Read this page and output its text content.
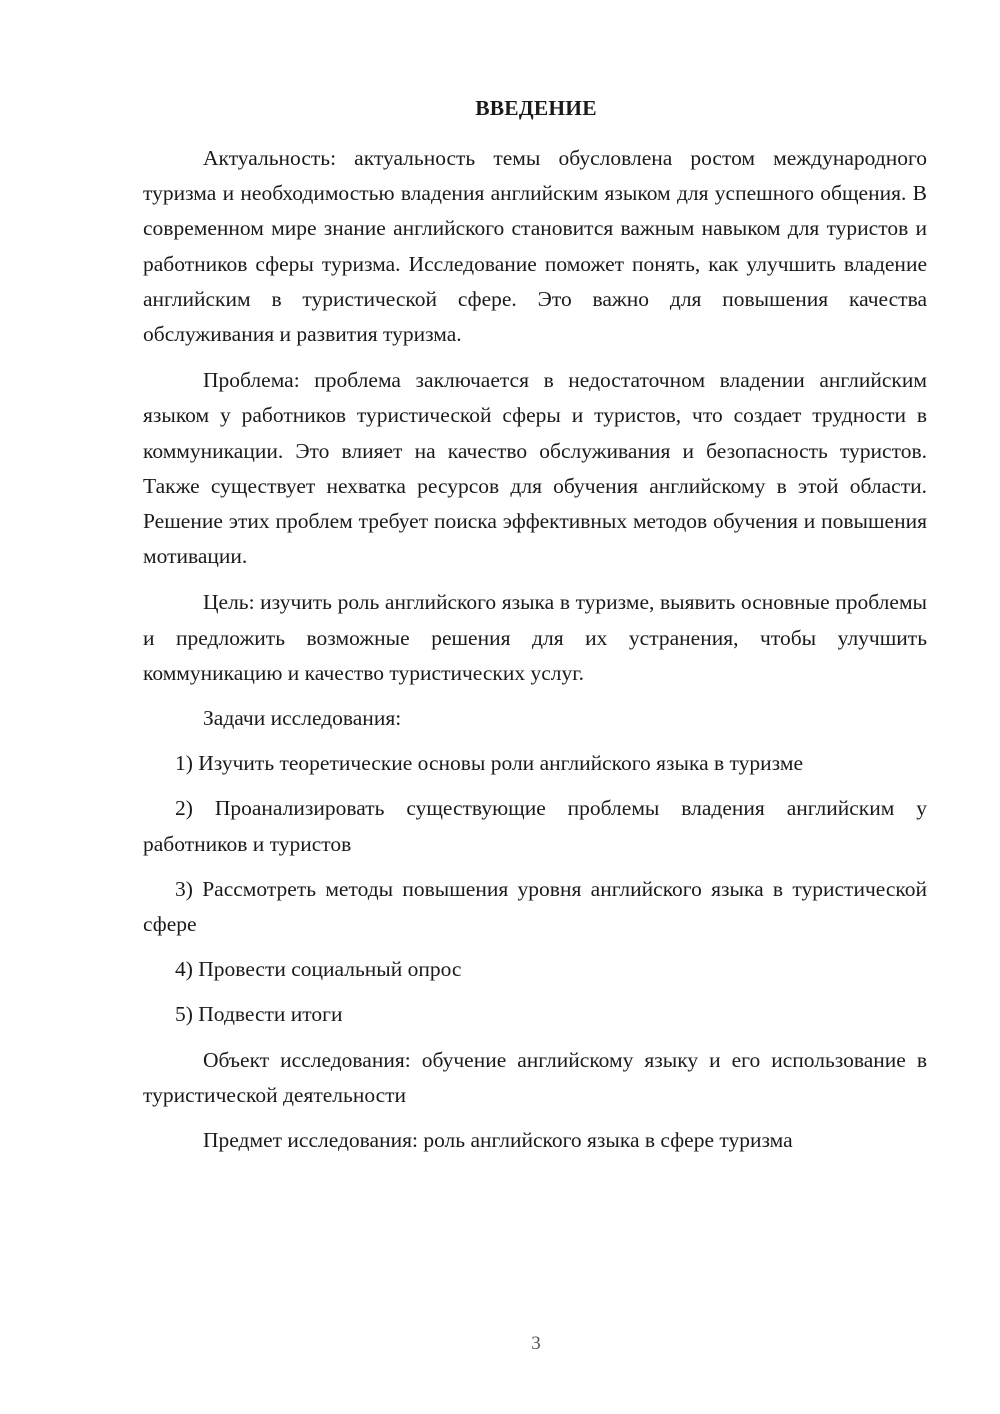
ВВЕДЕНИЕ

Актуальность: актуальность темы обусловлена ростом международного туризма и необходимостью владения английским языком для успешного общения. В современном мире знание английского становится важным навыком для туристов и работников сферы туризма. Исследование поможет понять, как улучшить владение английским в туристической сфере. Это важно для повышения качества обслуживания и развития туризма.

Проблема: проблема заключается в недостаточном владении английским языком у работников туристической сферы и туристов, что создает трудности в коммуникации. Это влияет на качество обслуживания и безопасность туристов. Также существует нехватка ресурсов для обучения английскому в этой области. Решение этих проблем требует поиска эффективных методов обучения и повышения мотивации.

Цель: изучить роль английского языка в туризме, выявить основные проблемы и предложить возможные решения для их устранения, чтобы улучшить коммуникацию и качество туристических услуг.

Задачи исследования:

1) Изучить теоретические основы роли английского языка в туризме

2) Проанализировать существующие проблемы владения английским у работников и туристов

3) Рассмотреть методы повышения уровня английского языка в туристической сфере

4) Провести социальный опрос

5) Подвести итоги

Объект исследования: обучение английскому языку и его использование в туристической деятельности

Предмет исследования: роль английского языка в сфере туризма

3
